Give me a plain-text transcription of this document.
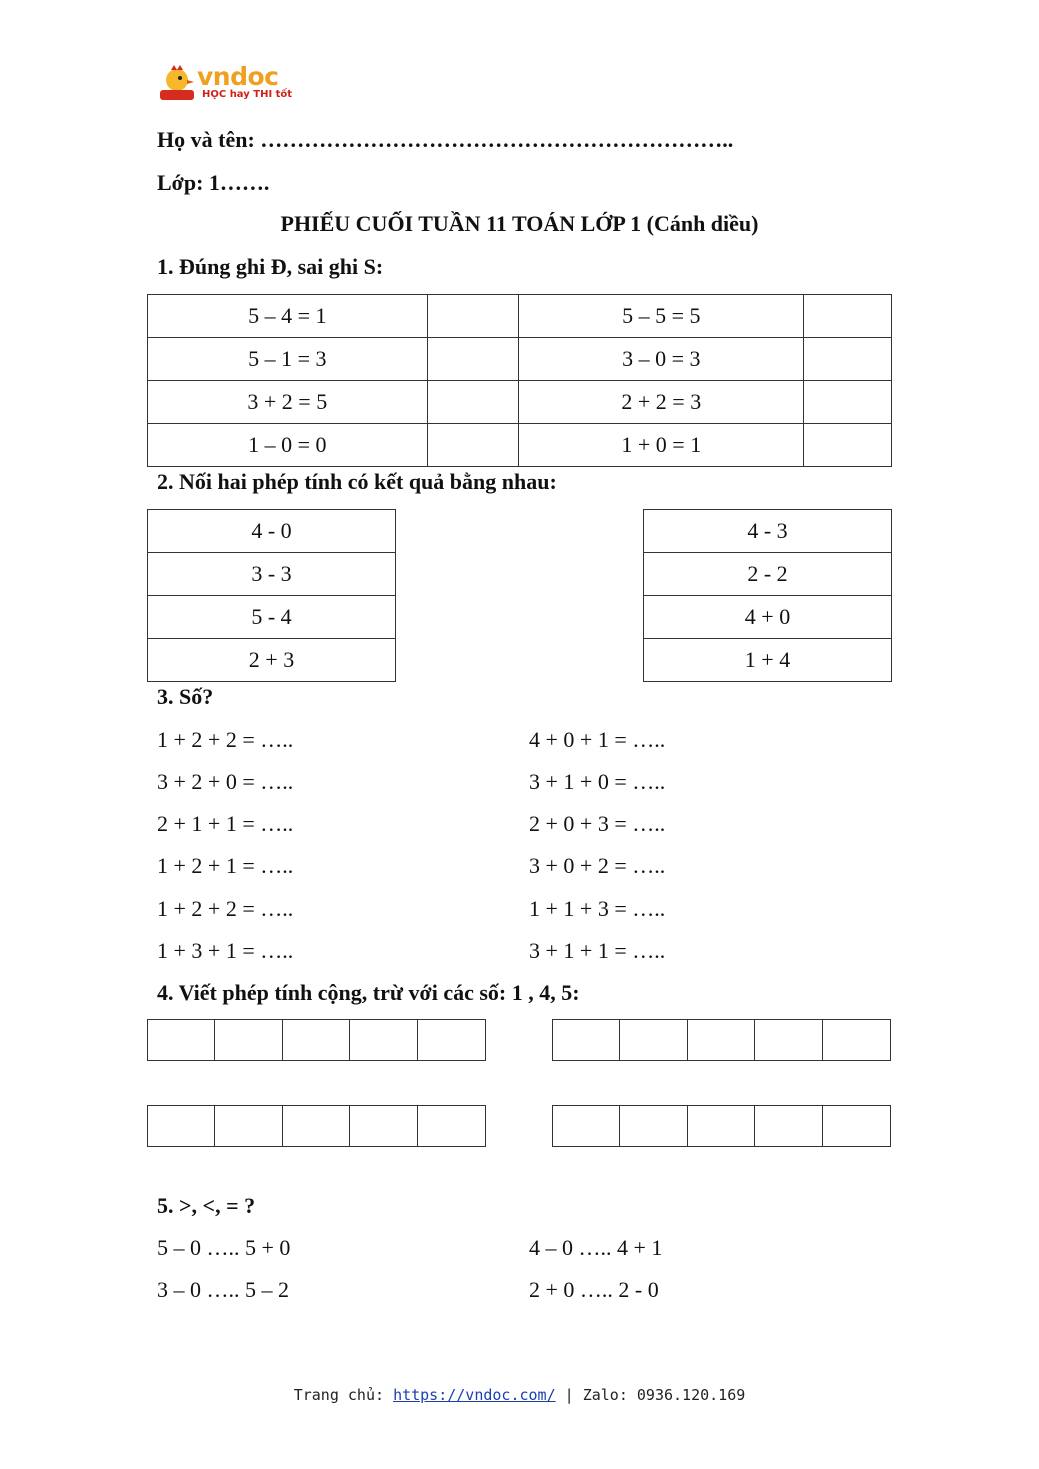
vndoc
HỌC hay THI tốt
Họ và tên: ………………………………………………………..
Lớp: 1…….
PHIẾU CUỐI TUẦN 11 TOÁN LỚP 1 (Cánh diều)
1. Đúng ghi Đ, sai ghi S:
5 – 4 = 1		5 – 5 = 5	
5 – 1 = 3		3 – 0 = 3	
3 + 2 = 5		2 + 2 = 3	
1 – 0 = 0		1 + 0 = 1	
2. Nối hai phép tính có kết quả bằng nhau:
4 - 0
3 - 3
5 - 4
2 + 3
4 - 3
2 - 2
4 + 0
1 + 4
3. Số?
1 + 2 + 2 = …..
3 + 2 + 0 = …..
2 + 1 + 1 = …..
1 + 2 + 1 = …..
1 + 2 + 2 = …..
1 + 3 + 1 = …..
4 + 0 + 1 = …..
3 + 1 + 0 = …..
2 + 0 + 3 = …..
3 + 0 + 2 = …..
1 + 1 + 3 = …..
3 + 1 + 1 = …..
4. Viết phép tính cộng, trừ với các số: 1 , 4, 5:
5. >, <, = ?
5 – 0 ….. 5 + 0
3 – 0 ….. 5 – 2
4 – 0 ….. 4 + 1
2 + 0 ….. 2 - 0
Trang chủ: https://vndoc.com/ | Zalo: 0936.120.169
